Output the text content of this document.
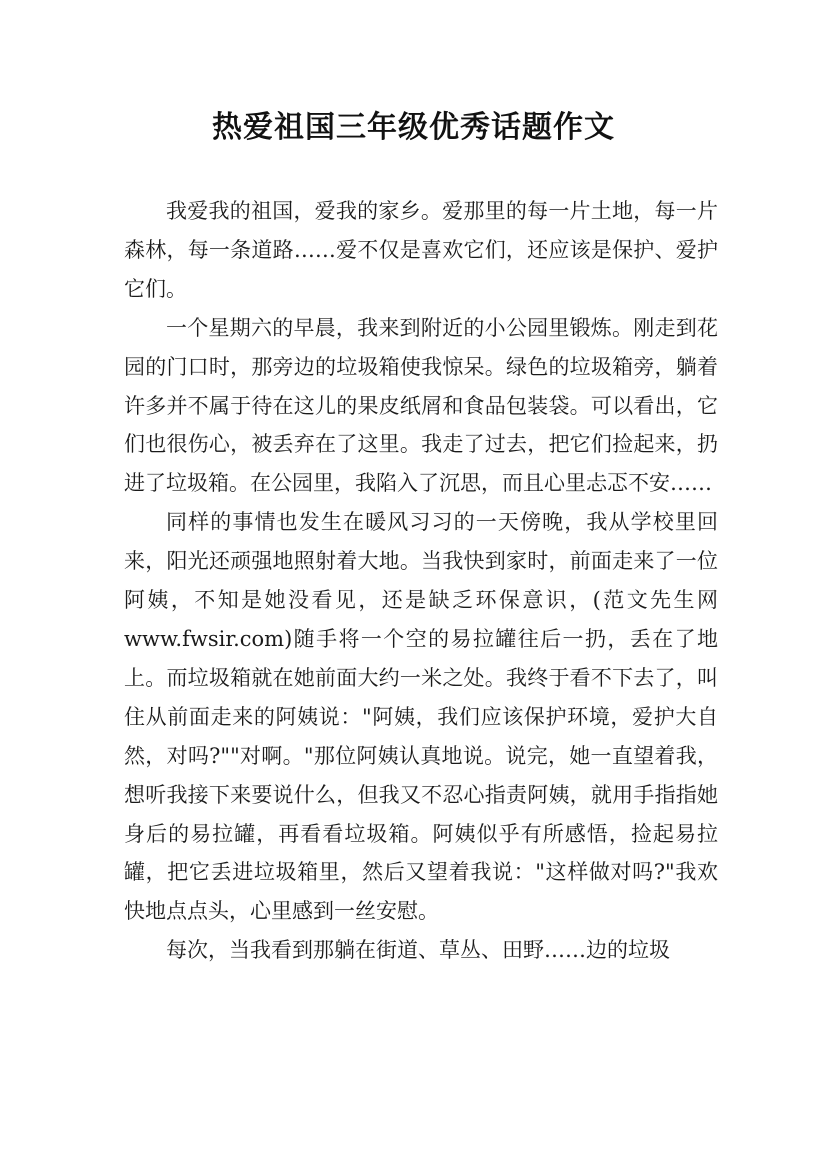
热爱祖国三年级优秀话题作文

我爱我的祖国，爱我的家乡。爱那里的每一片土地，每一片森林，每一条道路……爱不仅是喜欢它们，还应该是保护、爱护它们。

一个星期六的早晨，我来到附近的小公园里锻炼。刚走到花园的门口时，那旁边的垃圾箱使我惊呆。绿色的垃圾箱旁，躺着许多并不属于待在这儿的果皮纸屑和食品包装袋。可以看出，它们也很伤心，被丢弃在了这里。我走了过去，把它们捡起来，扔进了垃圾箱。在公园里，我陷入了沉思，而且心里忐忑不安……

同样的事情也发生在暖风习习的一天傍晚，我从学校里回来，阳光还顽强地照射着大地。当我快到家时，前面走来了一位阿姨，不知是她没看见，还是缺乏环保意识，(范文先生网 www.fwsir.com)随手将一个空的易拉罐往后一扔，丢在了地上。而垃圾箱就在她前面大约一米之处。我终于看不下去了，叫住从前面走来的阿姨说："阿姨，我们应该保护环境，爱护大自然，对吗?""对啊。"那位阿姨认真地说。说完，她一直望着我，想听我接下来要说什么，但我又不忍心指责阿姨，就用手指指她身后的易拉罐，再看看垃圾箱。阿姨似乎有所感悟，捡起易拉罐，把它丢进垃圾箱里，然后又望着我说："这样做对吗?"我欢快地点点头，心里感到一丝安慰。

每次，当我看到那躺在街道、草丛、田野……边的垃圾
